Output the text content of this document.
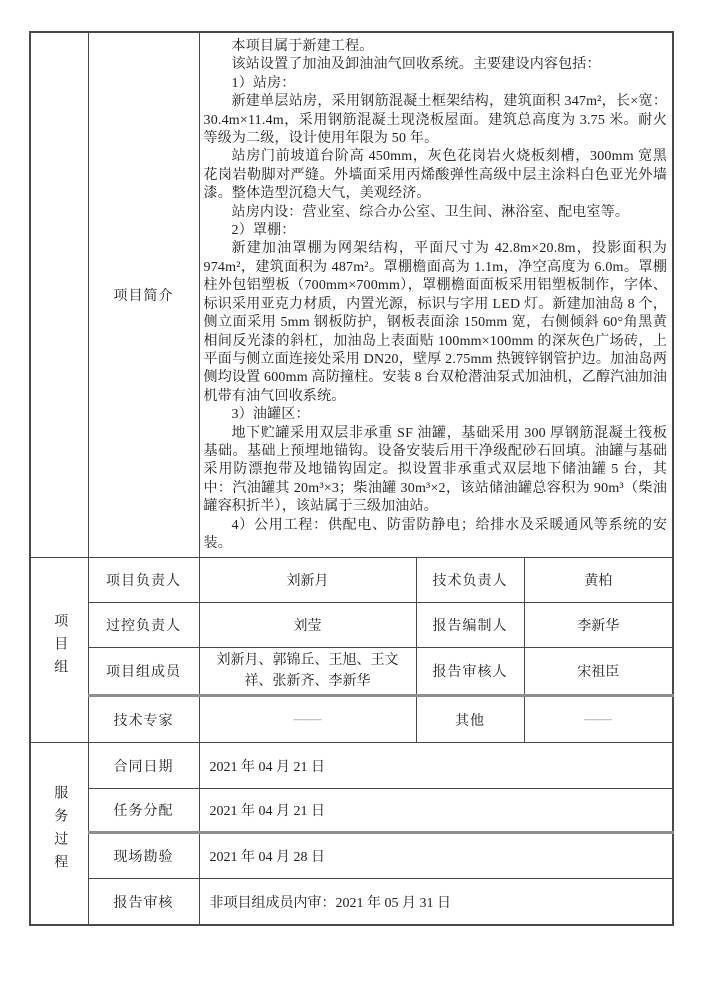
	项目简介	

本项目属于新建工程。

该站设置了加油及卸油油气回收系统。主要建设内容包括：

1）站房：

新建单层站房，采用钢筋混凝土框架结构，建筑面积 347m²，长×宽：30.4m×11.4m，采用钢筋混凝土现浇板屋面。建筑总高度为 3.75 米。耐火等级为二级，设计使用年限为 50 年。

站房门前坡道台阶高 450mm，灰色花岗岩火烧板刻槽，300mm 宽黑花岗岩勒脚对严缝。外墙面采用丙烯酸弹性高级中层主涂料白色亚光外墙漆。整体造型沉稳大气，美观经济。

站房内设：营业室、综合办公室、卫生间、淋浴室、配电室等。

2）罩棚：

新建加油罩棚为网架结构，平面尺寸为 42.8m×20.8m，投影面积为 974m²，建筑面积为 487m²。罩棚檐面高为 1.1m，净空高度为 6.0m。罩棚柱外包铝塑板（700mm×700mm），罩棚檐面面板采用铝塑板制作，字体、标识采用亚克力材质，内置光源，标识与字用 LED 灯。新建加油岛 8 个，侧立面采用 5mm 钢板防护，钢板表面涂 150mm 宽，右侧倾斜 60°角黑黄相间反光漆的斜杠，加油岛上表面贴 100mm×100mm 的深灰色广场砖，上平面与侧立面连接处采用 DN20，壁厚 2.75mm 热镀锌钢管护边。加油岛两侧均设置 600mm 高防撞柱。安装 8 台双枪潜油泵式加油机，乙醇汽油加油机带有油气回收系统。

3）油罐区：

地下贮罐采用双层非承重 SF 油罐，基础采用 300 厚钢筋混凝土筏板基础。基础上预埋地锚钩。设备安装后用干净级配砂石回填。油罐与基础采用防漂抱带及地锚钩固定。拟设置非承重式双层地下储油罐 5 台，其中：汽油罐其 20m³×3；柴油罐 30m³×2，该站储油罐总容积为 90m³（柴油罐容积折半），该站属于三级加油站。

4）公用工程：供配电、防雷防静电；给排水及采暖通风等系统的安装。

项目组	项目负责人	刘新月	技术负责人	黄柏
	过控负责人	刘莹	报告编制人	李新华
	项目组成员	刘新月、郭锦丘、王旭、王文祥、张新齐、李新华	报告审核人	宋祖臣
	技术专家	——	其他	——
服务过程	合同日期	2021 年 04 月 21 日		
	任务分配	2021 年 04 月 21 日		
	现场勘验	2021 年 04 月 28 日		
	报告审核	非项目组成员内审：2021 年 05 月 31 日		
